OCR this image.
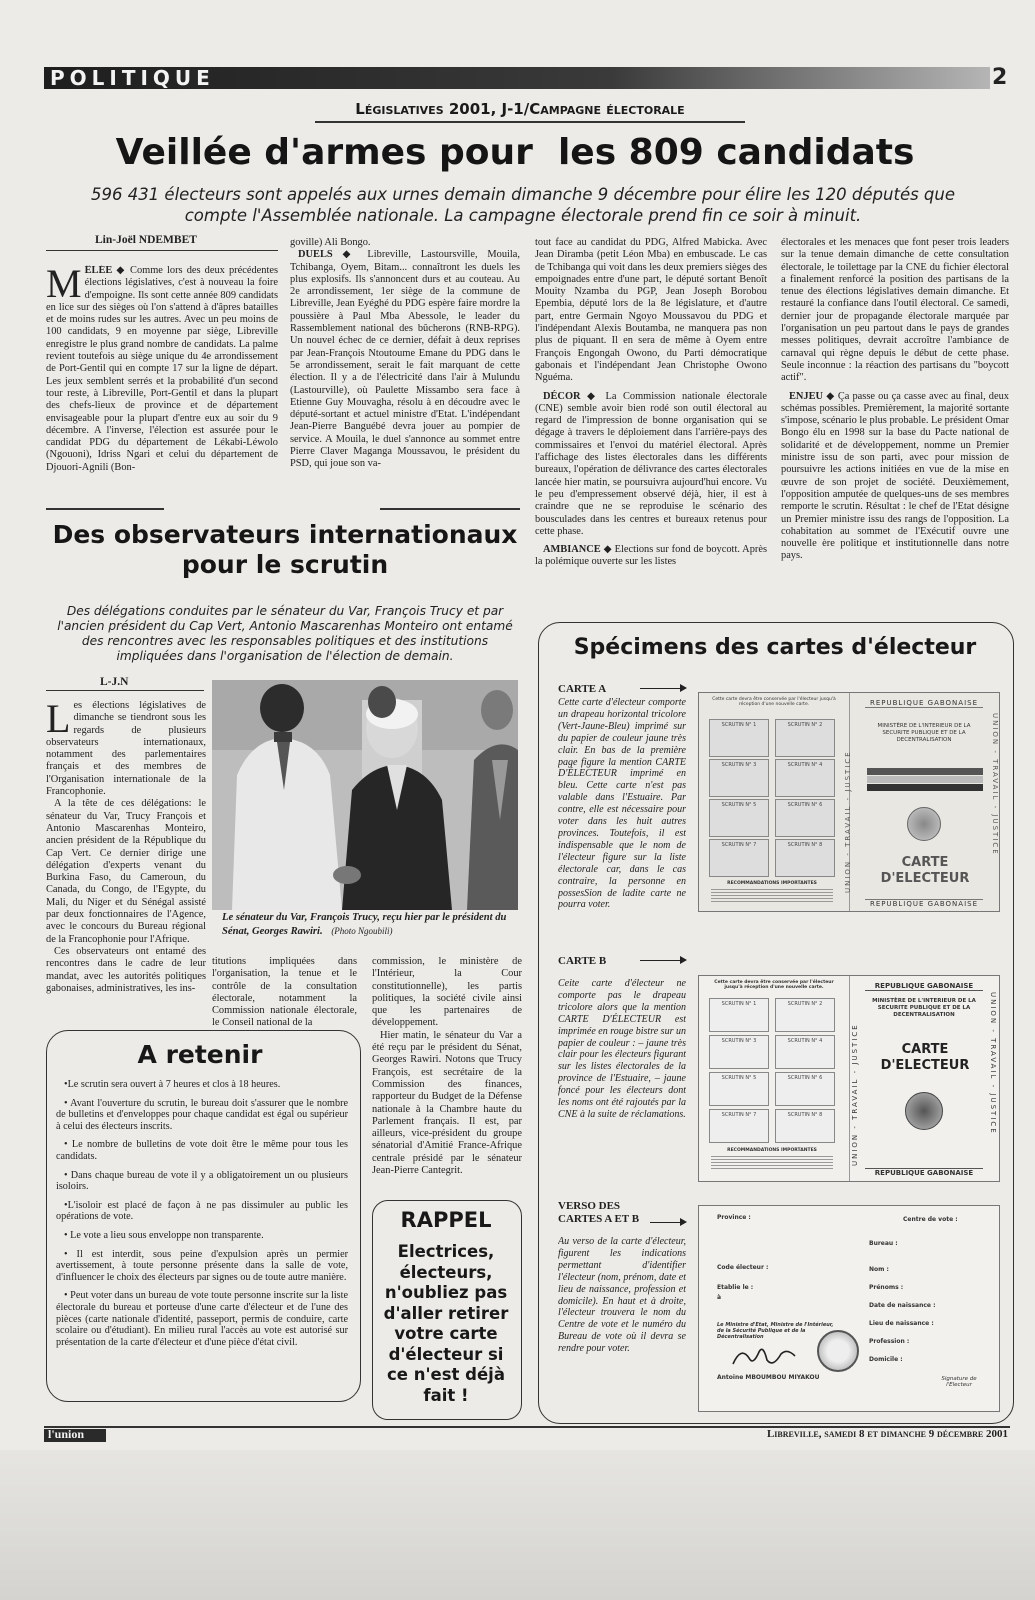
POLITIQUE	2
Législatives 2001, J-1/Campagne électorale
Veillée d'armes pour  les 809 candidats
596 431 électeurs sont appelés aux urnes demain dimanche 9 décembre pour élire les 120 députés que compte l'Assemblée nationale. La campagne électorale prend fin ce soir à minuit.
Lin-Joël NDEMBET
M ÊLÉE ◆ Comme lors des deux précédentes élections législatives, c'est à nouveau la foire d'empoigne. Ils sont cette année 809 candidats en lice sur des sièges où l'on s'attend à d'âpres batailles et de moins rudes sur les autres. Avec un peu moins de 100 candidats, 9 en moyenne par siège, Libreville enregistre le plus grand nombre de candidats. La palme revient toutefois au siège unique du 4e arrondissement de Port-Gentil qui en compte 17 sur la ligne de départ. Les jeux semblent serrés et la probabilité d'un second tour reste, à Libreville, Port-Gentil et dans la plupart des chefs-lieux de province et de département envisageable pour la plupart d'entre eux au soir du 9 décembre. A l'inverse, l'élection est assurée pour le candidat PDG du département de Lékabi-Léwolo (Ngouoni), Idriss Ngari et celui du département de Djouori-Agnili (Bon-

goville) Ali Bongo.

DUELS ◆ Libreville, Lastoursville, Mouila, Tchibanga, Oyem, Bitam... connaîtront les duels les plus explosifs. Ils s'annoncent durs et au couteau. Au 2e arrondissement, 1er siège de la commune de Libreville, Jean Eyéghé du PDG espère faire mordre la poussière à Paul Mba Abessole, le leader du Rassemblement national des bûcherons (RNB-RPG). Un nouvel échec de ce dernier, défait à deux reprises par Jean-François Ntoutoume Emane du PDG dans le 5e arrondissement, serait le fait marquant de cette élection. Il y a de l'électricité dans l'air à Mulundu (Lastourville), où Paulette Missambo sera face à Etienne Guy Mouvagha, résolu à en découdre avec le député-sortant et actuel ministre d'Etat. L'indépendant Jean-Pierre Banguébé devra jouer au pompier de service. A Mouila, le duel s'annonce au sommet entre Pierre Claver Maganga Moussavou, le président du PSD, qui joue son va-

tout face au candidat du PDG, Alfred Mabicka. Avec Jean Diramba (petit Léon Mba) en embuscade. Le cas de Tchibanga qui voit dans les deux premiers sièges des empoignades entre d'une part, le député sortant Benoît Mouity Nzamba du PGP, Jean Joseph Borobou Epembia, député lors de la 8e législature, et d'autre part, entre Germain Ngoyo Moussavou du PDG et l'indépendant Alexis Boutamba, ne manquera pas non plus de piquant. Il en sera de même à Oyem entre François Engongah Owono, du Parti démocratique gabonais et l'indépendant Jean Christophe Owono Nguéma.

DÉCOR ◆ La Commission nationale électorale (CNE) semble avoir bien rodé son outil électoral au regard de l'impression de bonne organisation qui se dégage à travers le déploiement dans l'arrière-pays des commissaires et l'envoi du matériel électoral. Après l'affichage des listes électorales dans les différents bureaux, l'opération de délivrance des cartes électorales lancée hier matin, se poursuivra aujourd'hui encore. Vu le peu d'empressement observé déjà, hier, il est à craindre que ne se reproduise le scénario des bousculades dans les centres et bureaux retenus pour cette phase.

AMBIANCE ◆ Elections sur fond de boycott. Après la polémique ouverte sur les listes

électorales et les menaces que font peser trois leaders sur la tenue demain dimanche de cette consultation électorale, le toilettage par la CNE du fichier électoral a finalement renforcé la position des partisans de la tenue des élections législatives demain dimanche. Et restauré la confiance dans l'outil électoral. Ce samedi, dernier jour de propagande électorale marquée par l'organisation un peu partout dans le pays de grandes messes politiques, devrait accroître l'ambiance de carnaval qui règne depuis le début de cette phase. Seule inconnue : la réaction des partisans du "boycott actif".

ENJEU ◆ Ça passe ou ça casse avec au final, deux schémas possibles. Premièrement, la majorité sortante s'impose, scénario le plus probable. Le président Omar Bongo élu en 1998 sur la base du Pacte national de solidarité et de développement, nomme un Premier ministre issu de son parti, avec pour mission de poursuivre les actions initiées en vue de la mise en œuvre de son projet de société. Deuxièmement, l'opposition amputée de quelques-uns de ses membres remporte le scrutin. Résultat : le chef de l'Etat désigne un Premier ministre issu des rangs de l'opposition. La cohabitation au sommet de l'Exécutif ouvre une nouvelle ère politique et institutionnelle dans notre pays.

Des observateurs internationaux pour le scrutin
Des délégations conduites par le sénateur du Var, François Trucy et par l'ancien président du Cap Vert, Antonio Mascarenhas Monteiro ont entamé des rencontres avec les responsables politiques et des institutions impliquées dans l'organisation de l'élection de demain.
L-J.N
L es élections législatives de dimanche se tiendront sous les regards de plusieurs observateurs internationaux, notamment des parlementaires français et des membres de l'Organisation internationale de la Francophonie.

A la tête de ces délégations: le sénateur du Var, Trucy François et Antonio Mascarenhas Monteiro, ancien président de la République du Cap Vert. Ce dernier dirige une délégation d'experts venant du Burkina Faso, du Cameroun, du Canada, du Congo, de l'Egypte, du Mali, du Niger et du Sénégal assisté par deux fonctionnaires de l'Agence, avec le concours du Bureau régional de la Francophonie pour l'Afrique.

Ces observateurs ont entamé des rencontres dans le cadre de leur mandat, avec les autorités politiques gabonaises, administratives, les ins-

Le sénateur du Var, François Trucy, reçu hier par le président du Sénat, Georges Rawiri. (Photo Ngoubili)

titutions impliquées dans l'organisation, la tenue et le contrôle de la consultation électorale, notamment la Commission nationale électorale, le Conseil national de la

commission, le ministère de l'Intérieur, la Cour constitutionnelle), les partis politiques, la société civile ainsi que les partenaires de développement.

Hier matin, le sénateur du Var a été reçu par le président du Sénat, Georges Rawiri. Notons que Trucy François, est secrétaire de la Commission des finances, rapporteur du Budget de la Défense nationale à la Chambre haute du Parlement français. Il est, par ailleurs, vice-président du groupe sénatorial d'Amitié France-Afrique centrale présidé par le sénateur Jean-Pierre Cantegrit.

A retenir

•Le scrutin sera ouvert à 7 heures et clos à 18 heures.

• Avant l'ouverture du scrutin, le bureau doit s'assurer que le nombre de bulletins et d'enveloppes pour chaque candidat est égal ou supérieur à celui des électeurs inscrits.

• Le nombre de bulletins de vote doit être le même pour tous les candidats.

• Dans chaque bureau de vote il y a obligatoirement un ou plusieurs isoloirs.

•L'isoloir est placé de façon à ne pas dissimuler au public les opérations de vote.

• Le vote a lieu sous enveloppe non transparente.

• Il est interdit, sous peine d'expulsion après un permier avertissement, à toute personne présente dans la salle de vote, d'influencer le choix des électeurs par signes ou de toute autre manière.

• Peut voter dans un bureau de vote toute personne inscrite sur la liste électorale du bureau et porteuse d'une carte d'électeur et de l'une des pièces (carte nationale d'identité, passeport, permis de conduire, carte scolaire ou d'étudiant). En milieu rural l'accès au vote est autorisé sur présentation de la carte d'électeur et d'une pièce d'état civil.

RAPPEL
Electrices, électeurs, n'oubliez pas d'aller retirer votre carte d'électeur si ce n'est déjà fait !
Spécimens des cartes d'électeur
CARTE A

Cette carte d'électeur comporte un drapeau horizontal tricolore (Vert-Jaune-Bleu) imprimé sur du papier de couleur jaune très clair. En bas de la première page figure la mention CARTE D'ÉLECTEUR imprimé en bleu. Cette carte n'est pas valable dans l'Estuaire. Par contre, elle est nécessaire pour voter dans les huit autres provinces. Toutefois, il est indispensable que le nom de l'électeur figure sur la liste électorale car, dans le cas contraire, la personne en possesSion de ladite carte ne pourra voter.

Cette carte devra être conservée par l'électeur jusqu'à réception d'une nouvelle carte.
SCRUTIN N° 1	SCRUTIN N° 2
SCRUTIN N° 3	SCRUTIN N° 4
SCRUTIN N° 5	SCRUTIN N° 6
SCRUTIN N° 7	SCRUTIN N° 8
RECOMMANDATIONS IMPORTANTES	UNION - TRAVAIL - JUSTICE	UNION - TRAVAIL - JUSTICE
REPUBLIQUE GABONAISE
MINISTÈRE DE L'INTERIEUR DE LA SECURITE PUBLIQUE ET DE LA DECENTRALISATION
CARTE D'ELECTEUR
REPUBLIQUE GABONAISE
CARTE B

Ceite carte d'électeur ne comporte pas le drapeau tricolore alors que la mention CARTE D'ÉLECTEUR est imprimée en rouge bistre sur un papier de couleur : – jaune très clair pour les électeurs figurant sur les listes électorales de la province de l'Estuaire, – jaune foncé pour les électeurs dont les noms ont été rajoutés par la CNE à la suite de réclamations.

Cette carte devra être conservée par l'électeur jusqu'à réception d'une nouvelle carte.
SCRUTIN N° 1	SCRUTIN N° 2
SCRUTIN N° 3	SCRUTIN N° 4
SCRUTIN N° 5	SCRUTIN N° 6
SCRUTIN N° 7	SCRUTIN N° 8
RECOMMANDATIONS IMPORTANTES	UNION - TRAVAIL - JUSTICE	UNION - TRAVAIL - JUSTICE
REPUBLIQUE GABONAISE
MINISTÈRE DE L'INTERIEUR DE LA SECURITE PUBLIQUE ET DE LA DECENTRALISATION
CARTE D'ELECTEUR
REPUBLIQUE GABONAISE
VERSO DES CARTES A ET B

Au verso de la carte d'électeur, figurent les indications permettant d'identifier l'électeur (nom, prénom, date et lieu de naissance, profession et domicile). En haut et à droite, l'électeur trouvera le nom du Centre de vote et le numéro du Bureau de vote où il devra se rendre pour voter.

Province :	Centre de vote :
Bureau :
Code électeur :
Etablie le :
à
Nom :
Prénoms :
Date de naissance :
Lieu de naissance :
Profession :
Domicile :
Le Ministre d'Etat, Ministre de l'Intérieur, de la Sécurité Publique et de la Décentralisation
Antoine MBOUMBOU MIYAKOU	Signature de l'Electeur
l'union	Libreville, samedi 8 et dimanche 9 décembre 2001
